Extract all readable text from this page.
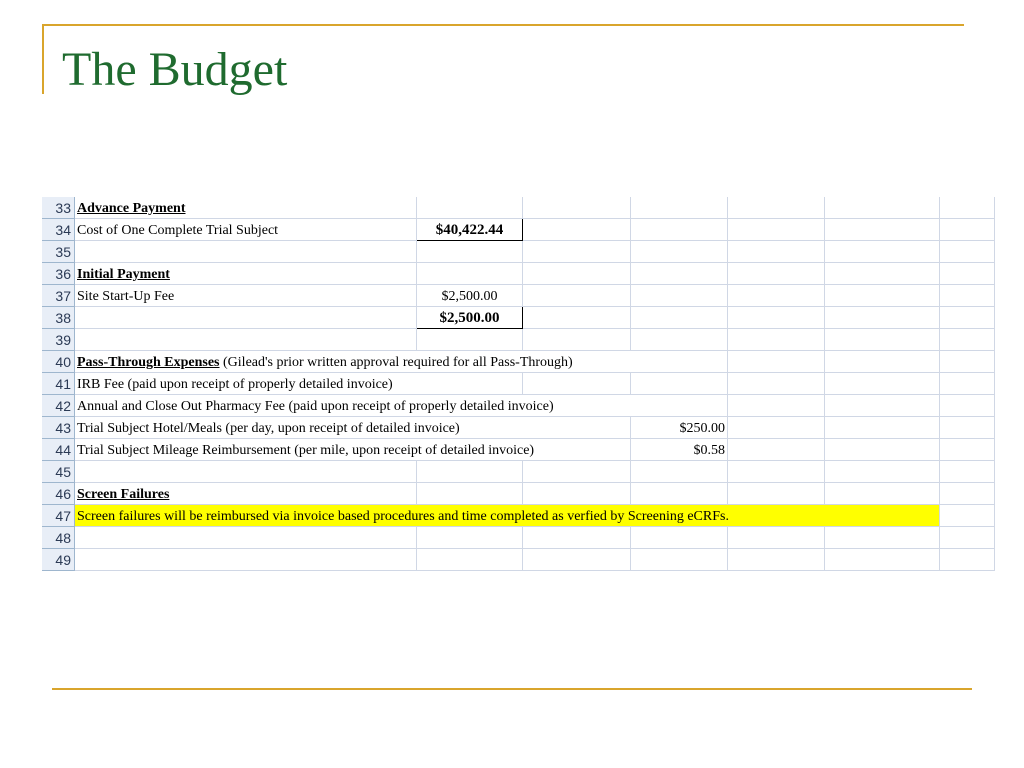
The Budget
33	Advance Payment						
34	Cost of One Complete Trial Subject	$40,422.44					
35							
36	Initial Payment						
37	Site Start-Up Fee	$2,500.00					
38		$2,500.00					
39							
40	Pass-Through Expenses (Gilead's prior written approval required for all Pass-Through)						
41	IRB Fee (paid upon receipt of properly detailed invoice)						
42	Annual and Close Out Pharmacy Fee (paid upon receipt of properly detailed invoice)						
43	Trial Subject Hotel/Meals (per day, upon receipt of detailed invoice)			$250.00			
44	Trial Subject Mileage Reimbursement (per mile, upon receipt of detailed invoice)			$0.58			
45							
46	Screen Failures						
47	Screen failures will be reimbursed via invoice based procedures and time completed as verfied by Screening eCRFs.						
48							
49							
